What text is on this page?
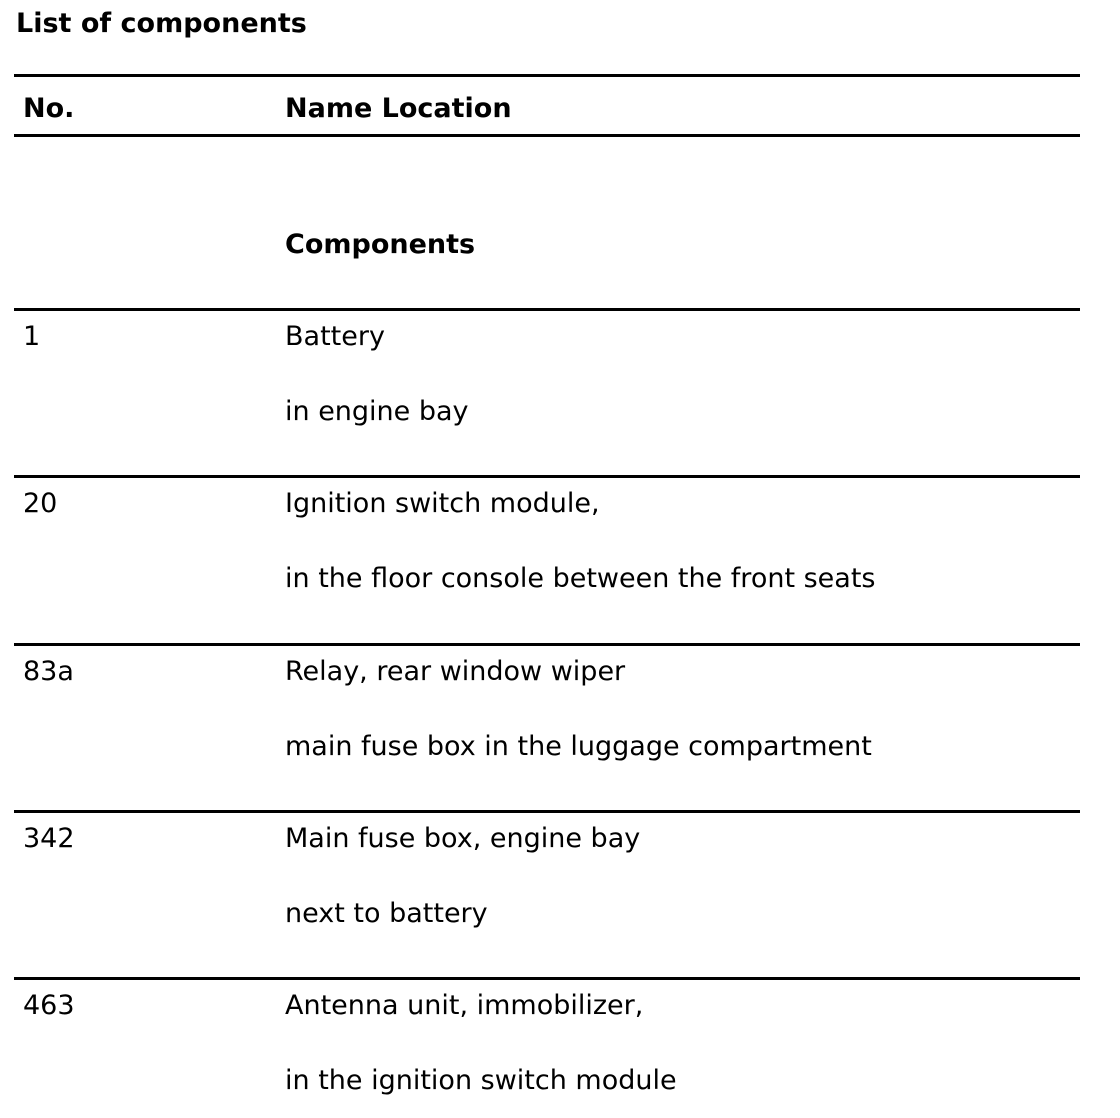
List of components
No.	Name Location
Components
1	Battery
in engine bay
20	Ignition switch module,
in the floor console between the front seats
83a	Relay, rear window wiper
main fuse box in the luggage compartment
342	Main fuse box, engine bay
next to battery
463	Antenna unit, immobilizer,
in the ignition switch module
